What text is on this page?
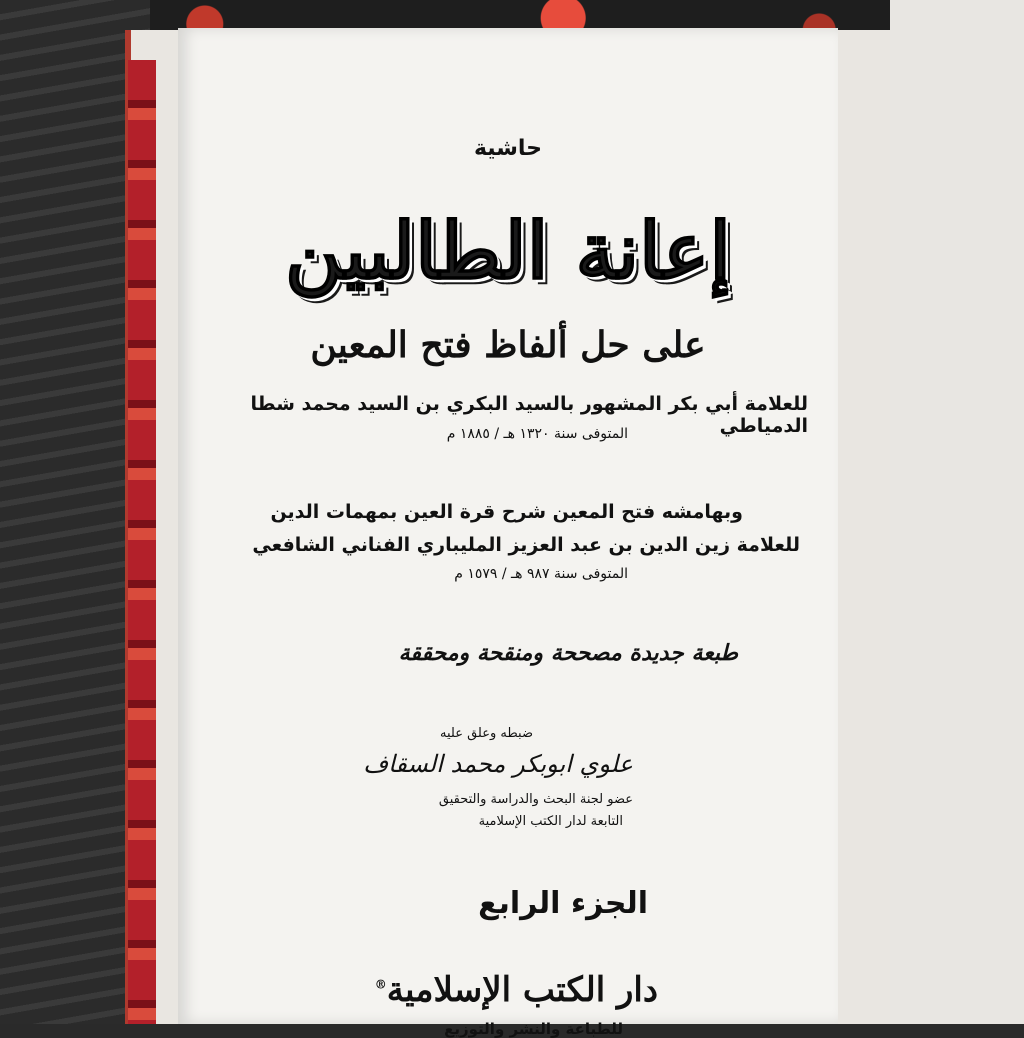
حاشية
إعانة الطالبين
على حل ألفاظ فتح المعين
للعلامة أبي بكر المشهور بالسيد البكري بن السيد محمد شطا الدمياطي
المتوفى سنة ١٣٢٠ هـ / ١٨٨٥ م
وبهامشه فتح المعين شرح قرة العين بمهمات الدين
للعلامة زين الدين بن عبد العزيز المليباري الفناني الشافعي
المتوفى سنة ٩٨٧ هـ / ١٥٧٩ م
طبعة جديدة مصححة ومنقحة ومحققة
ضبطه وعلق عليه
علوي ابوبكر محمد السقاف
عضو لجنة البحث والدراسة والتحقيق
التابعة لدار الكتب الإسلامية
الجزء الرابع
دار الكتب الإسلامية®
للطباعة والنشر والتوزيع
